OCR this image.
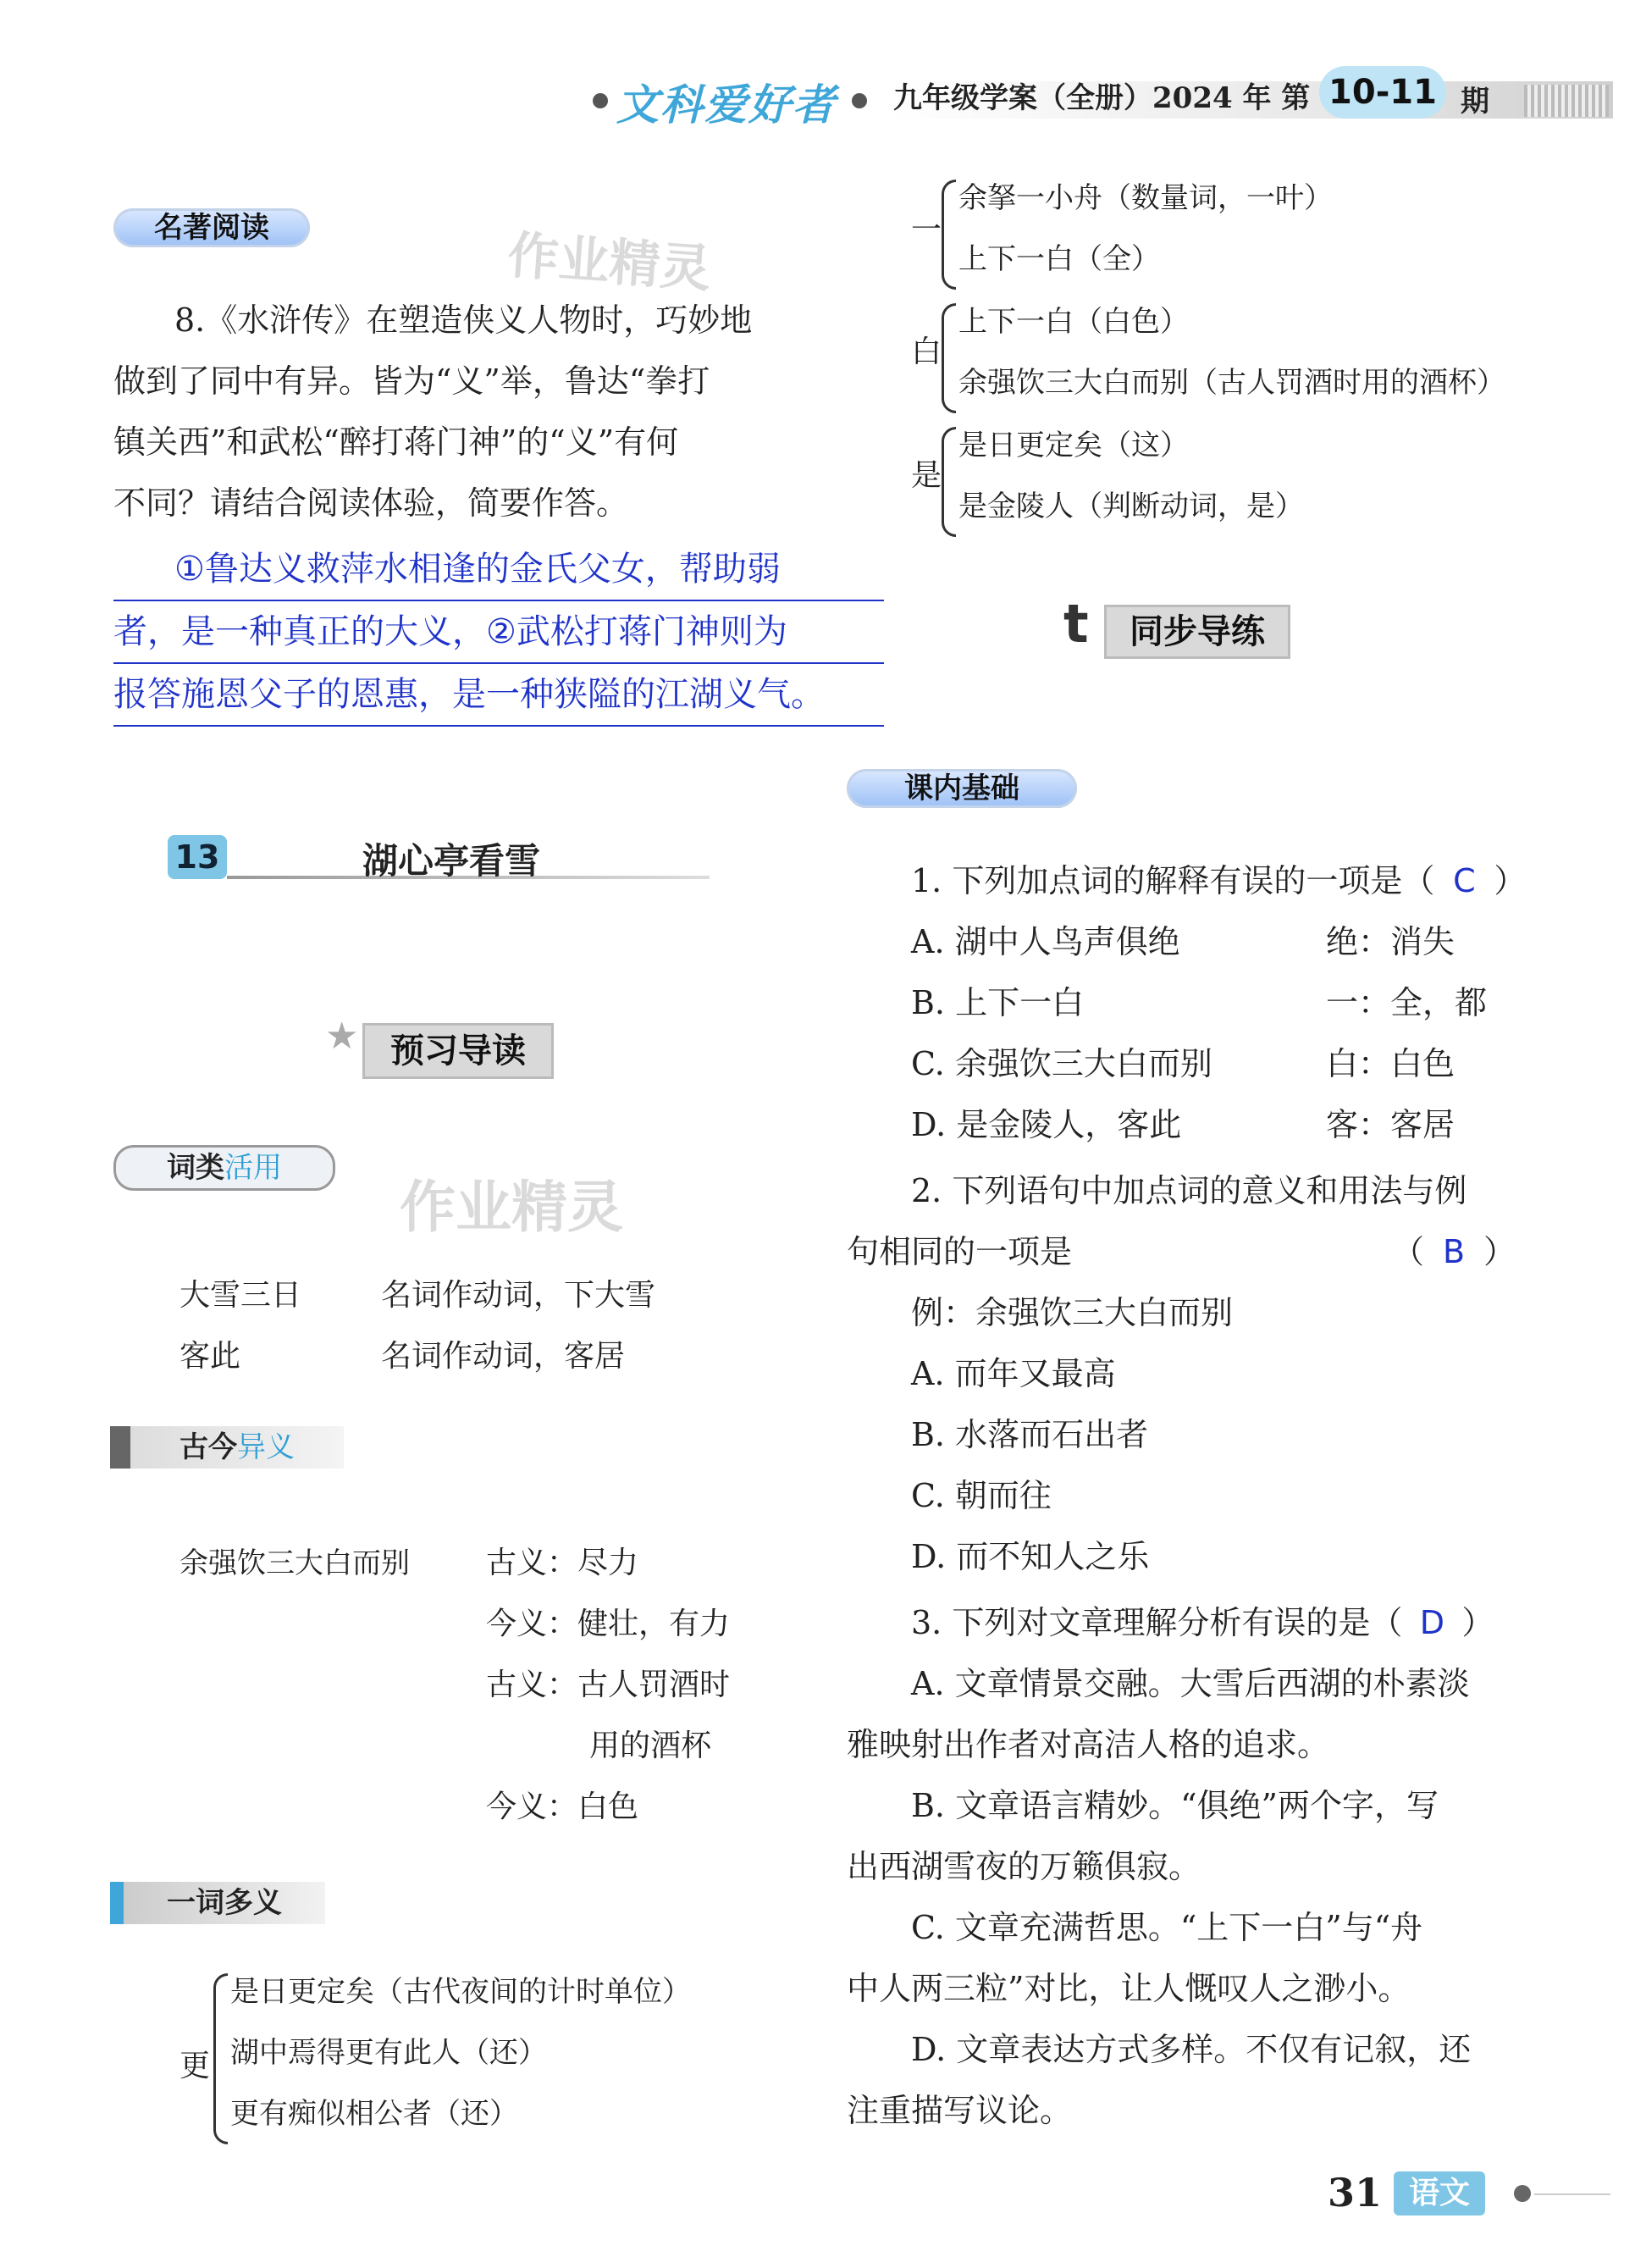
文科爱好者 九年级学案（全册）2024 年 第 10-11 期
作业精灵
作业精灵
名著阅读
8.《水浒传》在塑造侠义人物时，巧妙地
做到了同中有异。皆为“义”举，鲁达“拳打
镇关西”和武松“醉打蒋门神”的“义”有何
不同？请结合阅读体验，简要作答。
①鲁达义救萍水相逢的金氏父女，帮助弱
者，是一种真正的大义，②武松打蒋门神则为
报答施恩父子的恩惠，是一种狭隘的江湖义气。
13	湖心亭看雪
★ 预习导读
词类活用
大雪三日	名词作动词，下大雪
客此	名词作动词，客居
古今异义
余强饮三大白而别	古义：尽力
今义：健壮，有力
古义：古人罚酒时
用的酒杯
今义：白色
一词多义
更
是日更定矣（古代夜间的计时单位）
湖中焉得更有此人（还）
更有痴似相公者（还）
一
余拏一小舟（数量词，一叶）
上下一白（全）
白
上下一白（白色）
余强饮三大白而别（古人罚酒时用的酒杯）
是
是日更定矣（这）
是金陵人（判断动词，是）
t	同步导练
课内基础
1. 下列加点词的解释有误的一项是（ C ）
A. 湖中人鸟声俱绝	绝：消失
B. 上下一白	一：全，都
C. 余强饮三大白而别	白：白色
D. 是金陵人，客此	客：客居
2. 下列语句中加点词的意义和用法与例
句相同的一项是	（ B ）
例：余强饮三大白而别
A. 而年又最高
B. 水落而石出者
C. 朝而往
D. 而不知人之乐
3. 下列对文章理解分析有误的是（ D ）
A. 文章情景交融。大雪后西湖的朴素淡
雅映射出作者对高洁人格的追求。
B. 文章语言精妙。“俱绝”两个字，写
出西湖雪夜的万籁俱寂。
C. 文章充满哲思。“上下一白”与“舟
中人两三粒”对比，让人慨叹人之渺小。
D. 文章表达方式多样。不仅有记叙，还
注重描写议论。
31 语文
